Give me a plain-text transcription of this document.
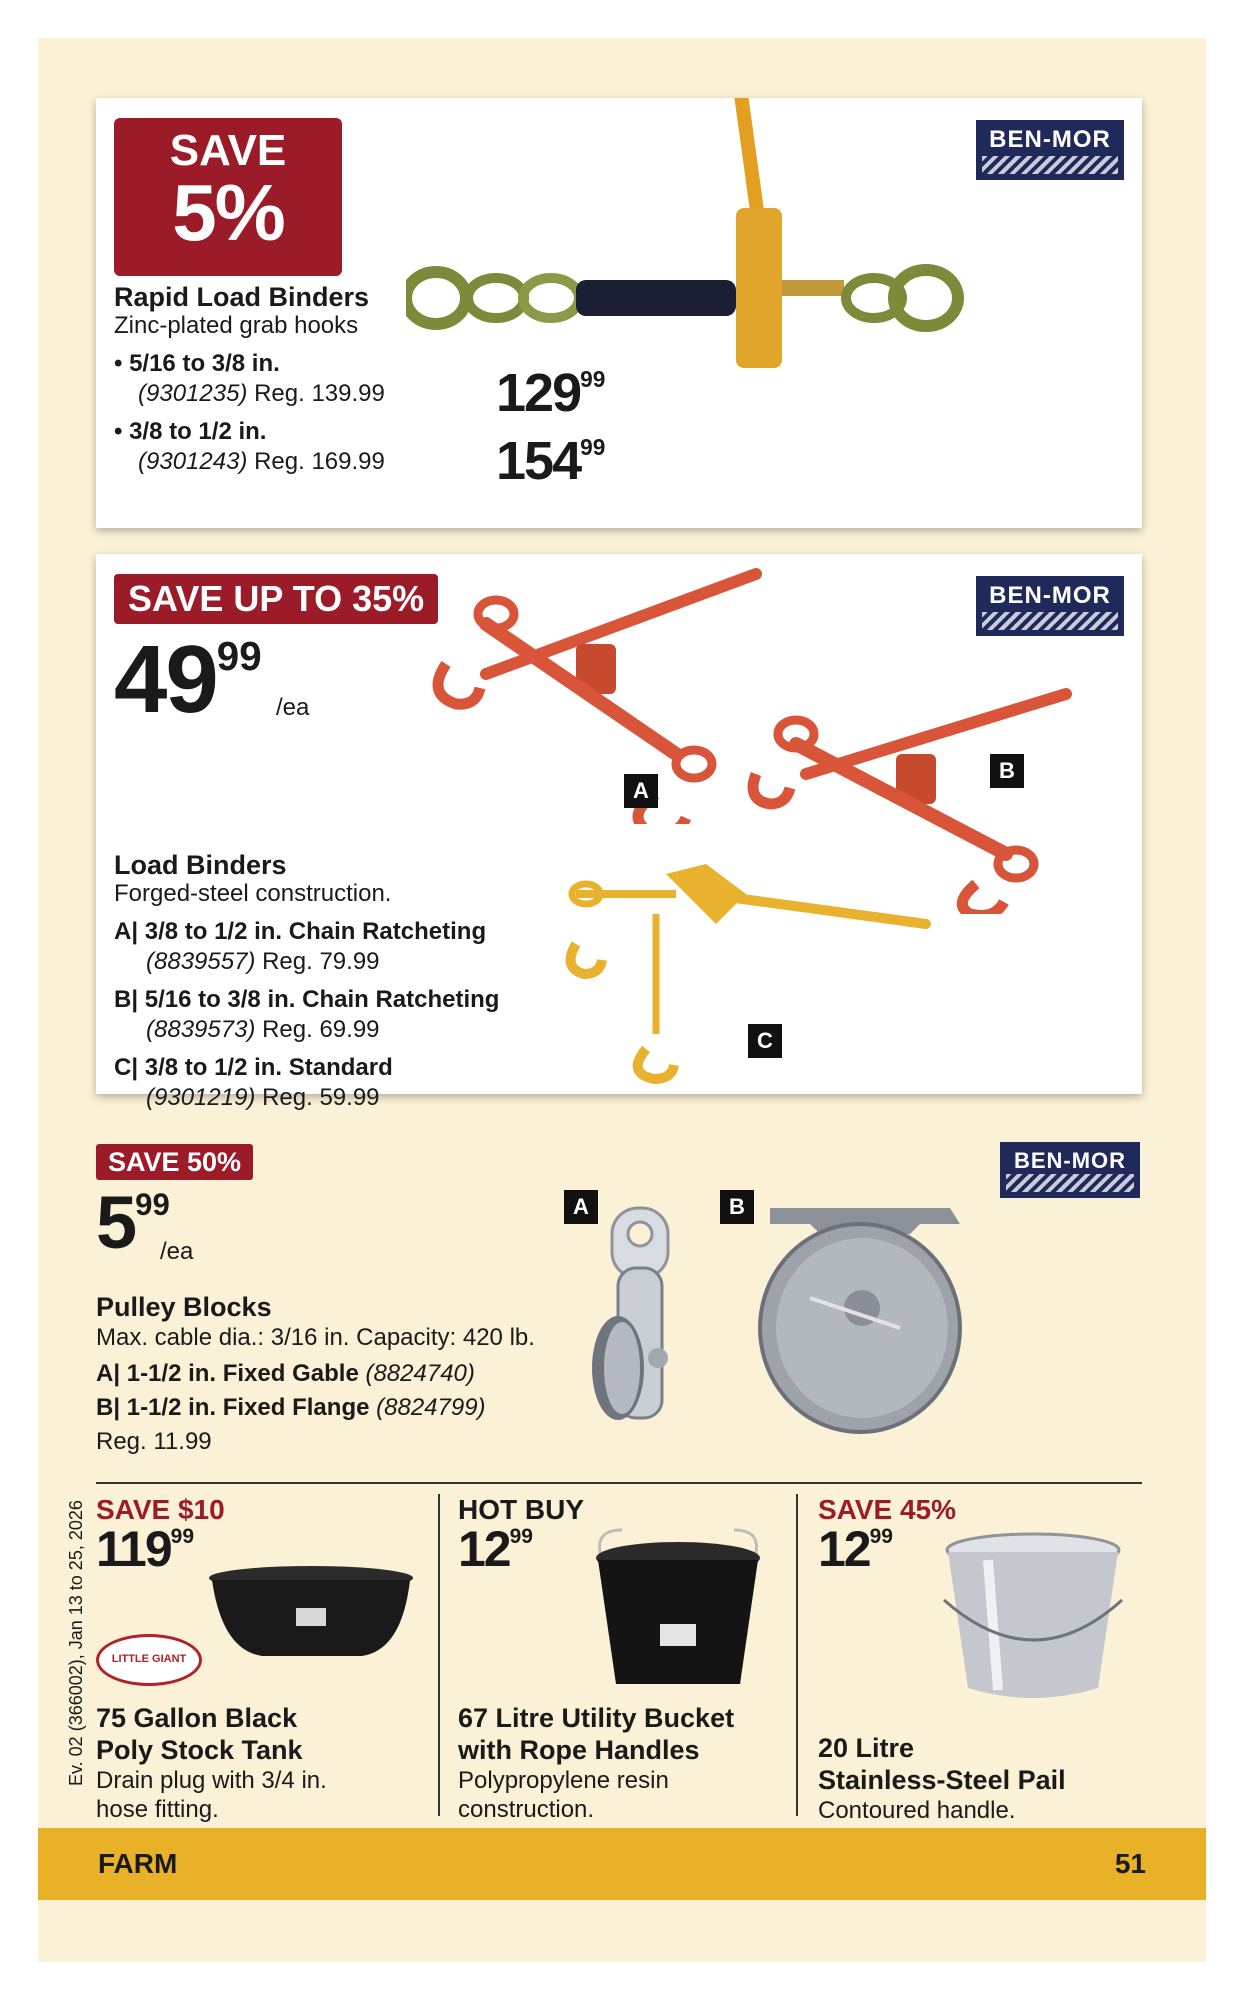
SAVE
5%
BEN-MOR
Rapid Load Binders
Zinc-plated grab hooks
• 5/16 to 3/8 in.
(9301235) Reg. 139.99
• 3/8 to 1/2 in.
(9301243) Reg. 169.99
$129^{99}$
$154^{99}$
SAVE UP TO 35%	BEN-MOR
$49^{99}$
/ea
A
B
C
Load Binders
Forged-steel construction.
A| 3/8 to 1/2 in. Chain Ratcheting
(8839557) Reg. 79.99
B| 5/16 to 3/8 in. Chain Ratcheting
(8839573) Reg. 69.99
C| 3/8 to 1/2 in. Standard
(9301219) Reg. 59.99
SAVE 50%	BEN-MOR
$5^{99}$
/ea
Pulley Blocks
Max. cable dia.: 3/16 in. Capacity: 420 lb.
A| 1-1/2 in. Fixed Gable (8824740)
B| 1-1/2 in. Fixed Flange (8824799)
Reg. 11.99
A	B
SAVE $10
$119^{99}$
LITTLE GIANT
75 Gallon Black
Poly Stock Tank
Drain plug with 3/4 in.
hose fitting.
HOT BUY
$12^{99}$
67 Litre Utility Bucket
with Rope Handles
Polypropylene resin
construction.
SAVE 45%
$12^{99}$
20 Litre
Stainless-Steel Pail
Contoured handle.
Ev. 02 (366002), Jan 13 to 25, 2026
FARM	51
